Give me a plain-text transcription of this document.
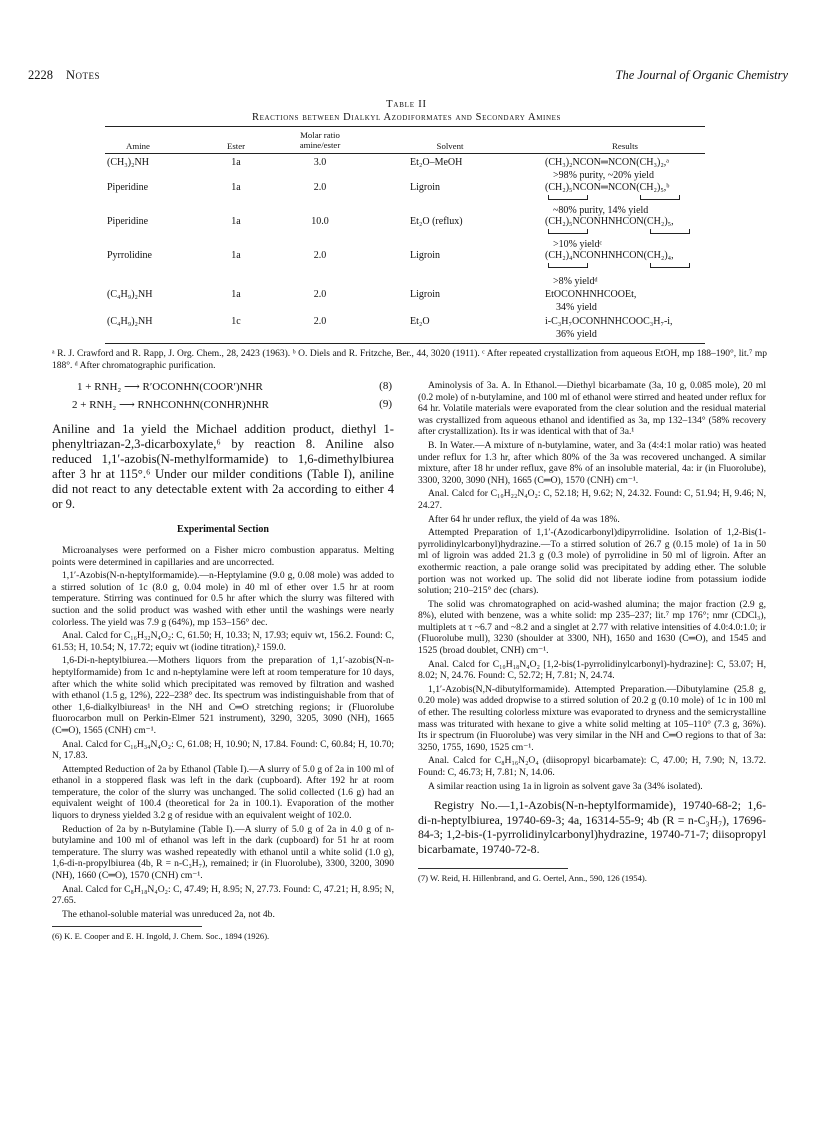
2228 Notes	The Journal of Organic Chemistry
Table II
Reactions between Dialkyl Azodiformates and Secondary Amines
Amine	Ester
Molar ratio
amine/ester	Solvent	Results
(CH₃)₂NH	1a	3.0	Et₂O–MeOH	(CH₃)₂NCON═NCON(CH₃)₂,ᵃ
>98% purity, ~20% yield
Piperidine	1a	2.0	Ligroin	(CH₂)₅NCON═NCON(CH₂)₅,ᵇ
~80% purity, 14% yield
Piperidine	1a	10.0	Et₂O (reflux)	(CH₂)₅NCONHNHCON(CH₂)₅,
>10% yieldᶜ
Pyrrolidine	1a	2.0	Ligroin	(CH₂)₄NCONHNHCON(CH₂)₄,
>8% yieldᵈ
(C₄H₉)₂NH	1a	2.0	Ligroin	EtOCONHNHCOOEt,
34% yield
(C₄H₉)₂NH	1c	2.0	Et₂O	i-C₃H₇OCONHNHCOOC₃H₇-i,
36% yield
ᵃ R. J. Crawford and R. Rapp, J. Org. Chem., 28, 2423 (1963). ᵇ O. Diels and R. Fritzche, Ber., 44, 3020 (1911). ᶜ After repeated crystallization from aqueous EtOH, mp 188–190°, lit.⁷ mp 188°. ᵈ After chromatographic purification.
1 + RNH₂ ⟶ R′OCONHN(COOR′)NHR	(8)
2 + RNH₂ ⟶ RNHCONHN(CONHR)NHR	(9)

Aniline and 1a yield the Michael addition product, diethyl 1-phenyltriazan-2,3-dicarboxylate,⁶ by reaction 8. Aniline also reduced 1,1′-azobis(N-methylformamide) to 1,6-dimethylbiurea after 3 hr at 115°.⁶ Under our milder conditions (Table I), aniline did not react to any detectable extent with 2a according to either 4 or 9.

Experimental Section

Microanalyses were performed on a Fisher micro combustion apparatus. Melting points were determined in capillaries and are uncorrected.

1,1′-Azobis(N-n-heptylformamide).—n-Heptylamine (9.0 g, 0.08 mole) was added to a stirred solution of 1c (8.0 g, 0.04 mole) in 40 ml of ether over 1.5 hr at room temperature. Stirring was continued for 0.5 hr after which the slurry was filtered with suction and the solid product was washed with ether until the washings were nearly colorless. The yield was 7.9 g (64%), mp 153–156° dec.

Anal. Calcd for C₁₆H₃₂N₄O₂: C, 61.50; H, 10.33; N, 17.93; equiv wt, 156.2. Found: C, 61.53; H, 10.54; N, 17.72; equiv wt (iodine titration),² 159.0.

1,6-Di-n-heptylbiurea.—Mothers liquors from the preparation of 1,1′-azobis(N-n-heptylformamide) from 1c and n-heptylamine were left at room temperature for 10 days, after which the white solid which precipitated was removed by filtration and washed with ethanol (1.5 g, 12%), 222–238° dec. Its spectrum was indistinguishable from that of other 1,6-dialkylbiureas¹ in the NH and C═O stretching regions; ir (Fluorolube fluorocarbon mull on Perkin-Elmer 521 instrument), 3290, 3205, 3090 (NH), 1665 (C═O), 1565 (CNH) cm⁻¹.

Anal. Calcd for C₁₆H₃₄N₄O₂: C, 61.08; H, 10.90; N, 17.84. Found: C, 60.84; H, 10.70; N, 17.83.

Attempted Reduction of 2a by Ethanol (Table I).—A slurry of 5.0 g of 2a in 100 ml of ethanol in a stoppered flask was left in the dark (cupboard). After 192 hr at room temperature, the color of the slurry was unchanged. The solid collected (1.6 g) had an equivalent weight of 100.4 (theoretical for 2a in 100.1). Evaporation of the mother liquors to dryness yielded 3.2 g of residue with an equivalent weight of 102.0.

Reduction of 2a by n-Butylamine (Table I).—A slurry of 5.0 g of 2a in 4.0 g of n-butylamine and 100 ml of ethanol was left in the dark (cupboard) for 51 hr at room temperature. The slurry was washed repeatedly with ethanol until a white solid (1.0 g), 1,6-di-n-propylbiurea (4b, R = n-C₃H₇), remained; ir (in Fluorolube), 3300, 3200, 3090 (NH), 1660 (C═O), 1570 (CNH) cm⁻¹.

Anal. Calcd for C₈H₁₈N₄O₂: C, 47.49; H, 8.95; N, 27.73. Found: C, 47.21; H, 8.95; N, 27.65.

The ethanol-soluble material was unreduced 2a, not 4b.

(6) K. E. Cooper and E. H. Ingold, J. Chem. Soc., 1894 (1926).

Aminolysis of 3a. A. In Ethanol.—Diethyl bicarbamate (3a, 10 g, 0.085 mole), 20 ml (0.2 mole) of n-butylamine, and 100 ml of ethanol were stirred and heated under reflux for 64 hr. Volatile materials were evaporated from the clear solution and the residual material was crystallized from aqueous ethanol and identified as 3a, mp 132–134° (58% recovery after crystallization). Its ir was identical with that of 3a.¹

B. In Water.—A mixture of n-butylamine, water, and 3a (4:4:1 molar ratio) was heated under reflux for 1.3 hr, after which 80% of the 3a was recovered unchanged. A similar mixture, after 18 hr under reflux, gave 8% of an insoluble material, 4a: ir (in Fluorolube), 3300, 3200, 3090 (NH), 1665 (C═O), 1570 (CNH) cm⁻¹.

Anal. Calcd for C₁₀H₂₂N₄O₂: C, 52.18; H, 9.62; N, 24.32. Found: C, 51.94; H, 9.46; N, 24.27.

After 64 hr under reflux, the yield of 4a was 18%.

Attempted Preparation of 1,1′-(Azodicarbonyl)dipyrrolidine. Isolation of 1,2-Bis(1-pyrrolidinylcarbonyl)hydrazine.—To a stirred solution of 26.7 g (0.15 mole) of 1a in 50 ml of ligroin was added 21.3 g (0.3 mole) of pyrrolidine in 50 ml of ligroin. After an exothermic reaction, a pale orange solid was precipitated by adding ether. The soluble portion was not worked up. The solid did not liberate iodine from potassium iodide solution; 210–215° dec (chars).

The solid was chromatographed on acid-washed alumina; the major fraction (2.9 g, 8%), eluted with benzene, was a white solid: mp 235–237; lit.⁷ mp 176°; nmr (CDCl₃), multiplets at τ ~6.7 and ~8.2 and a singlet at 2.77 with relative intensities of 4.0:4.0:1.0; ir (Fluorolube mull), 3230 (shoulder at 3300, NH), 1650 and 1630 (C═O), and 1545 and 1525 (broad doublet, CNH) cm⁻¹.

Anal. Calcd for C₁₀H₁₈N₄O₂ [1,2-bis(1-pyrrolidinylcarbonyl)-hydrazine]: C, 53.07; H, 8.02; N, 24.76. Found: C, 52.72; H, 7.81; N, 24.74.

1,1′-Azobis(N,N-dibutylformamide). Attempted Preparation.—Dibutylamine (25.8 g, 0.20 mole) was added dropwise to a stirred solution of 20.2 g (0.10 mole) of 1c in 100 ml of ether. The resulting colorless mixture was evaporated to dryness and the semicrystalline mass was triturated with hexane to give a white solid melting at 105–110° (7.3 g, 36%). Its ir spectrum (in Fluorolube) was very similar in the NH and C═O regions to that of 3a: 3250, 1755, 1690, 1525 cm⁻¹.

Anal. Calcd for C₈H₁₆N₂O₄ (diisopropyl bicarbamate): C, 47.00; H, 7.90; N, 13.72. Found: C, 46.73; H, 7.81; N, 14.06.

A similar reaction using 1a in ligroin as solvent gave 3a (34% isolated).

Registry No.—1,1-Azobis(N-n-heptylformamide), 19740-68-2; 1,6-di-n-heptylbiurea, 19740-69-3; 4a, 16314-55-9; 4b (R = n-C₃H₇), 17696-84-3; 1,2-bis-(1-pyrrolidinylcarbonyl)hydrazine, 19740-71-7; diisopropyl bicarbamate, 19740-72-8.

(7) W. Reid, H. Hillenbrand, and G. Oertel, Ann., 590, 126 (1954).
